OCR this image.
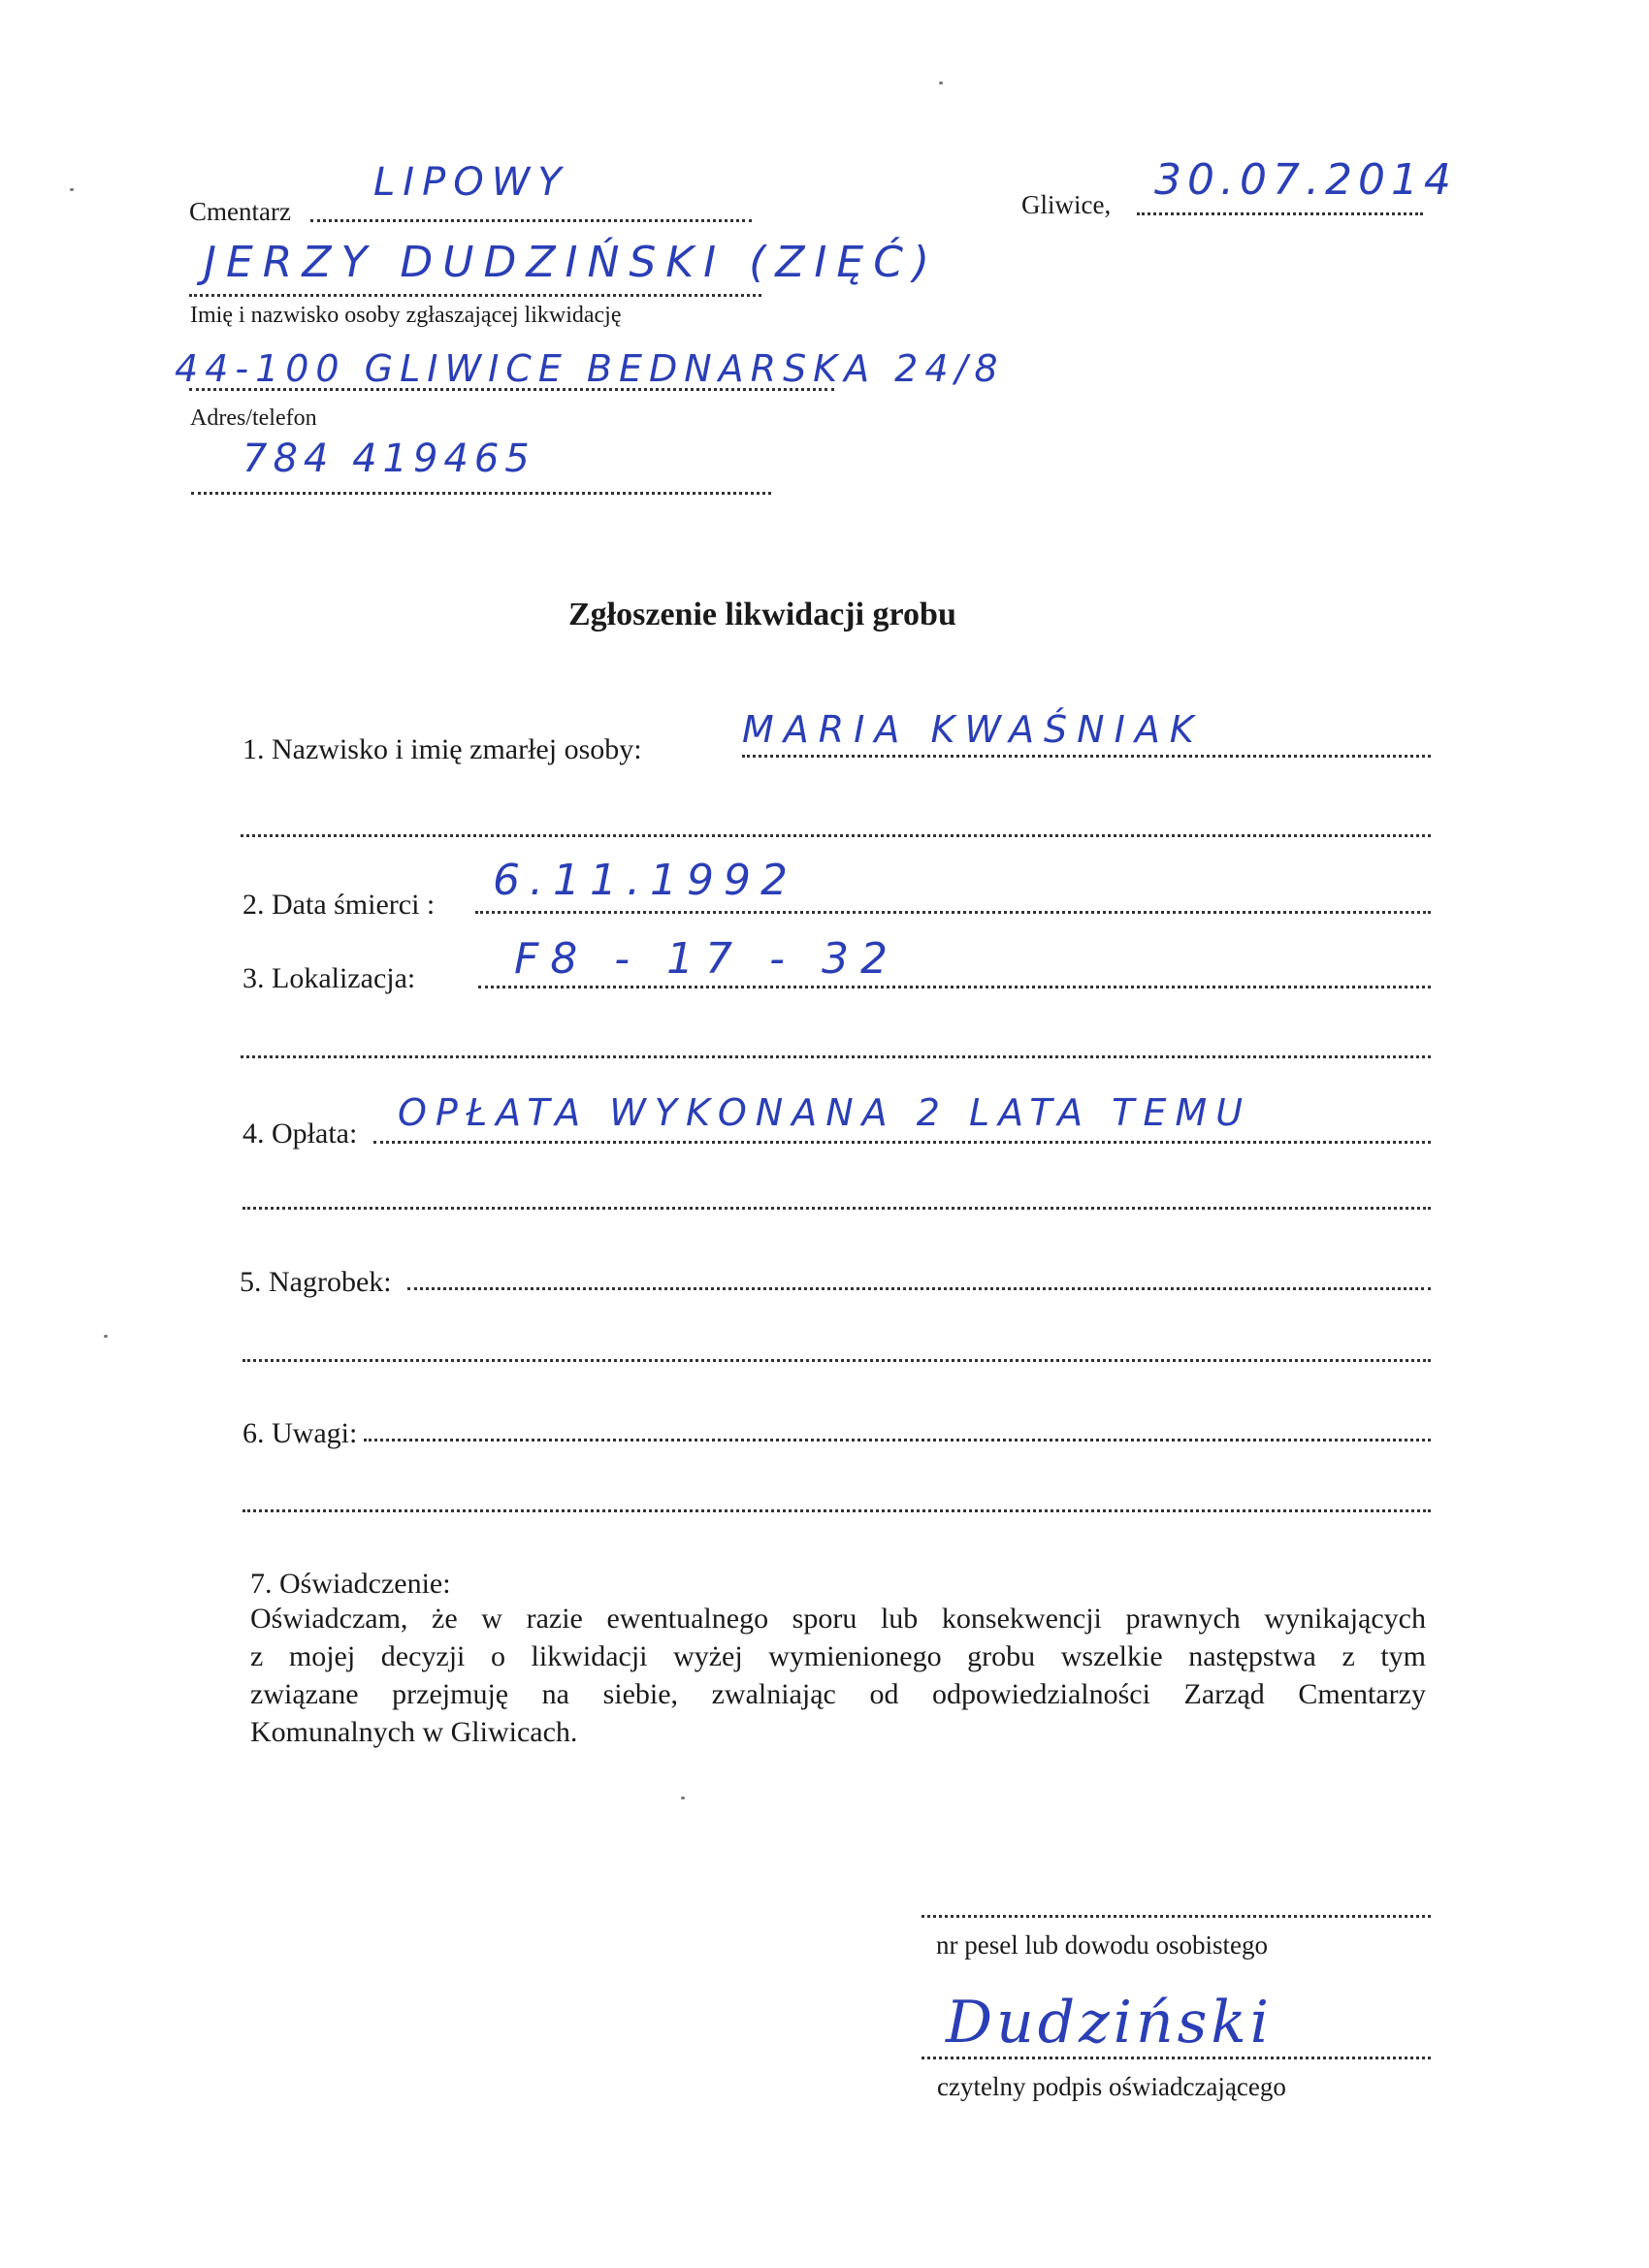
Cmentarz
LIPOWY	Gliwice, 30.07.2014
JERZY DUDZIŃSKI (ZIĘĆ)
Imię i nazwisko osoby zgłaszającej likwidację
44-100 GLIWICE BEDNARSKA 24/8
Adres/telefon
784 419465
Zgłoszenie likwidacji grobu
1. Nazwisko i imię zmarłej osoby:	MARIA KWAŚNIAK
2. Data śmierci : 6.11.1992
3. Lokalizacja: F8 - 17 - 32
4. Opłata: OPŁATA WYKONANA 2 LATA TEMU
5. Nagrobek:
6. Uwagi:
7. Oświadczenie:
Oświadczam, że w razie ewentualnego sporu lub konsekwencji prawnych wynikających
z mojej decyzji o likwidacji wyżej wymienionego grobu wszelkie następstwa z tym
związane przejmuję na siebie, zwalniając od odpowiedzialności Zarząd Cmentarzy
Komunalnych w Gliwicach.
nr pesel lub dowodu osobistego
Dudziński
czytelny podpis oświadczającego
